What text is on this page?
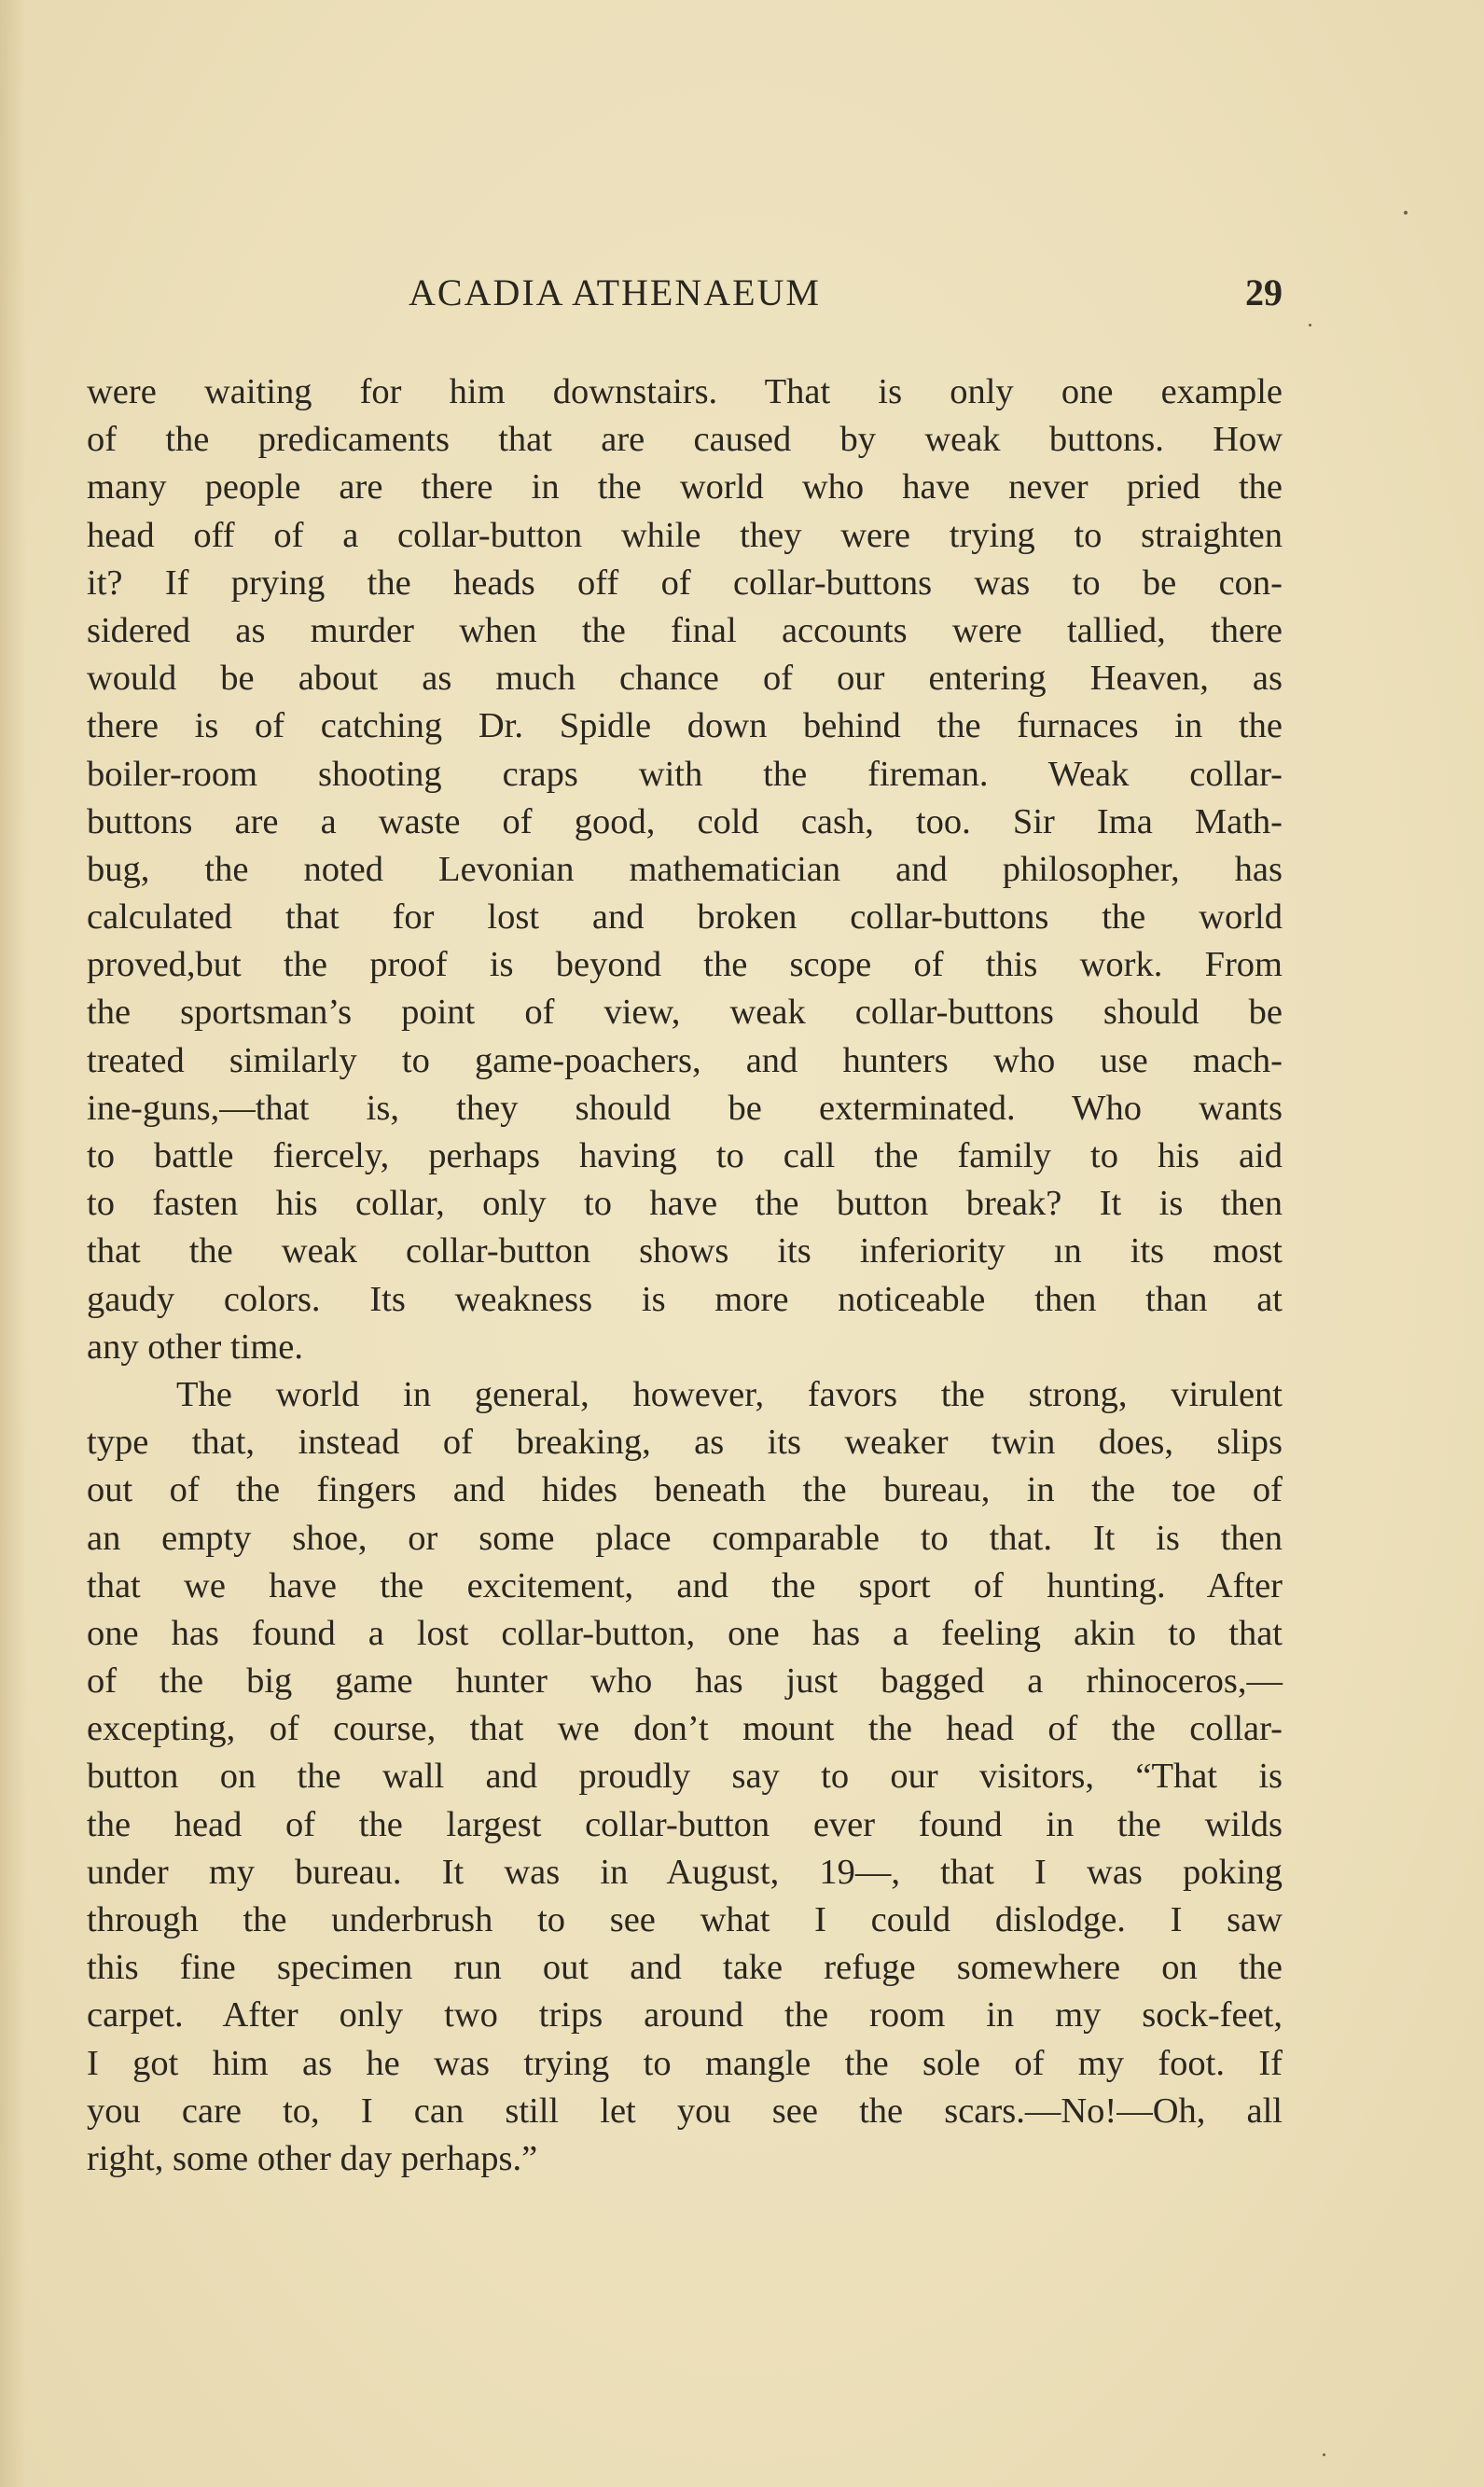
ACADIA ATHENAEUM	29
were waiting for him downstairs. That is only one example
of the predicaments that are caused by weak buttons. How
many people are there in the world who have never pried the
head off of a collar-button while they were trying to straighten
it? If prying the heads off of collar-buttons was to be con-
sidered as murder when the final accounts were tallied, there
would be about as much chance of our entering Heaven, as
there is of catching Dr. Spidle down behind the furnaces in the
boiler-room shooting craps with the fireman. Weak collar-
buttons are a waste of good, cold cash, too. Sir Ima Math-
bug, the noted Levonian mathematician and philosopher, has
calculated that for lost and broken collar-buttons the world
proved,but the proof is beyond the scope of this work. From
the sportsman’s point of view, weak collar-buttons should be
treated similarly to game-poachers, and hunters who use mach-
ine-guns,—that is, they should be exterminated. Who wants
to battle fiercely, perhaps having to call the family to his aid
to fasten his collar, only to have the button break? It is then
that the weak collar-button shows its inferiority ın its most
gaudy colors. Its weakness is more noticeable then than at
any other time.
The world in general, however, favors the strong, virulent
type that, instead of breaking, as its weaker twin does, slips
out of the fingers and hides beneath the bureau, in the toe of
an empty shoe, or some place comparable to that. It is then
that we have the excitement, and the sport of hunting. After
one has found a lost collar-button, one has a feeling akin to that
of the big game hunter who has just bagged a rhinoceros,—
excepting, of course, that we don’t mount the head of the collar-
button on the wall and proudly say to our visitors, “That is
the head of the largest collar-button ever found in the wilds
under my bureau. It was in August, 19—, that I was poking
through the underbrush to see what I could dislodge. I saw
this fine specimen run out and take refuge somewhere on the
carpet. After only two trips around the room in my sock-feet,
I got him as he was trying to mangle the sole of my foot. If
you care to, I can still let you see the scars.—No!—Oh, all
right, some other day perhaps.”
